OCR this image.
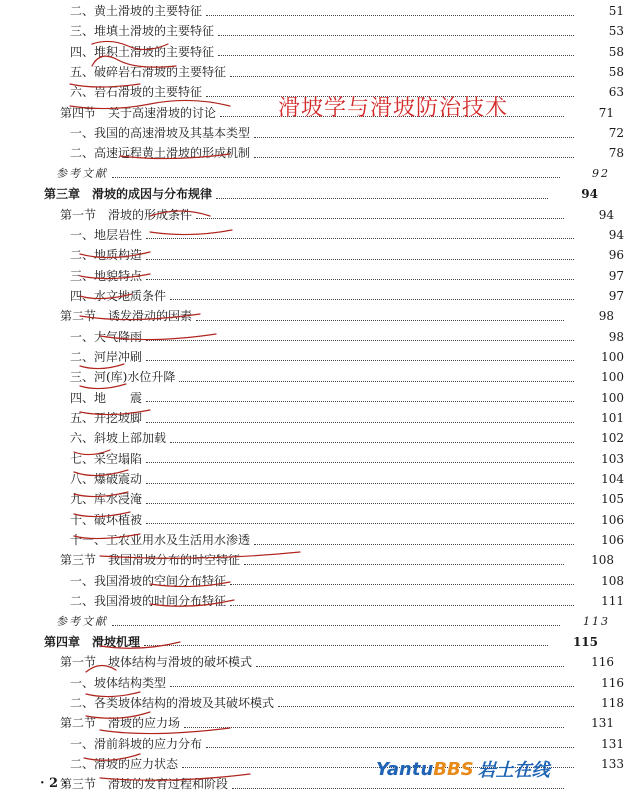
二、黄土滑坡的主要特征	51
三、堆填土滑坡的主要特征	53
四、堆积土滑坡的主要特征	58
五、破碎岩石滑坡的主要特征	58
六、岩石滑坡的主要特征	63
第四节　关于高速滑坡的讨论	71
一、我国的高速滑坡及其基本类型	72
二、高速远程黄土滑坡的形成机制	78
参考文献	92
第三章　滑坡的成因与分布规律	94
第一节　滑坡的形成条件	94
一、地层岩性	94
二、地质构造	96
三、地貌特点	97
四、水文地质条件	97
第二节　诱发滑动的因素	98
一、大气降雨	98
二、河岸冲刷	100
三、河(库)水位升降	100
四、地　　震	100
五、开挖坡脚	101
六、斜坡上部加载	102
七、采空塌陷	103
八、爆破震动	104
九、库水浸淹	105
十、破坏植被	106
十一、工农业用水及生活用水渗透	106
第三节　我国滑坡分布的时空特征	108
一、我国滑坡的空间分布特征	108
二、我国滑坡的时间分布特征	111
参考文献	113
第四章　滑坡机理	115
第一节　坡体结构与滑坡的破坏模式	116
一、坡体结构类型	116
二、各类坡体结构的滑坡及其破坏模式	118
第二节　滑坡的应力场	131
一、滑前斜坡的应力分布	131
二、滑坡的应力状态	133
第三节　滑坡的发育过程和阶段
滑坡学与滑坡防治技术
· 2 ·
Yantu BBS 岩土在线
